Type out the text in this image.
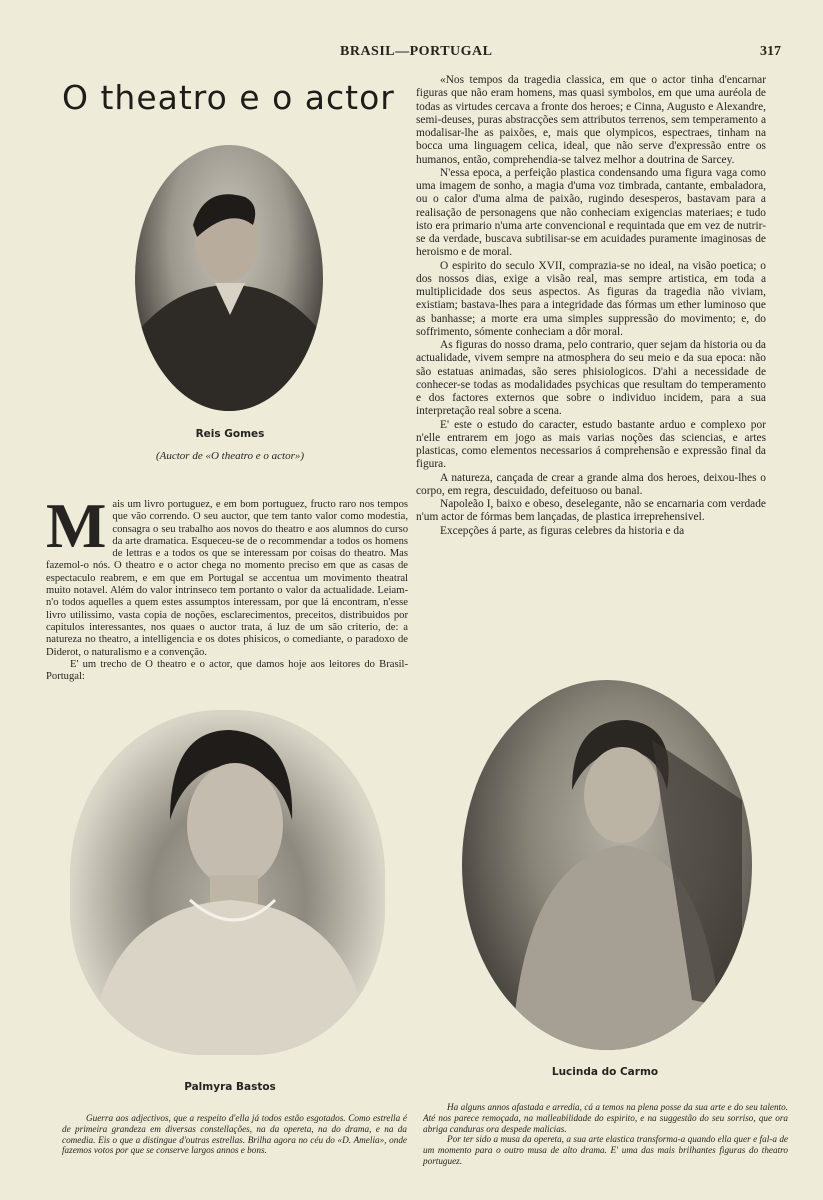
BRASIL—PORTUGAL	317
O theatro e o actor
Reis Gomes
(Auctor de «O theatro e o actor»)

Mais um livro portuguez, e em bom portuguez, fructo raro nos tempos que vão correndo. O seu auctor, que tem tanto valor como modestia, consagra o seu trabalho aos novos do theatro e aos alumnos do curso da arte dramatica. Esqueceu-se de o recommendar a todos os homens de lettras e a todos os que se interessam por coisas do theatro. Mas fazemol-o nós. O theatro e o actor chega no momento preciso em que as casas de espectaculo reabrem, e em que em Portugal se accentua um movimento theatral muito notavel. Além do valor intrinseco tem portanto o valor da actualidade. Leiam-n'o todos aquelles a quem estes assumptos interessam, por que lá encontram, n'esse livro utilissimo, vasta copia de noções, esclarecimentos, preceitos, distribuidos por capitulos interessantes, nos quaes o auctor trata, á luz de um são criterio, de: a natureza no theatro, a intelligencia e os dotes phisicos, o comediante, o paradoxo de Diderot, o naturalismo e a convenção.

E' um trecho de O theatro e o actor, que damos hoje aos leitores do Brasil-Portugal:

«Nos tempos da tragedia classica, em que o actor tinha d'encarnar figuras que não eram homens, mas quasi symbolos, em que uma auréola de todas as virtudes cercava a fronte dos heroes; e Cinna, Augusto e Alexandre, semi-deuses, puras abstracções sem attributos terrenos, sem temperamento a modalisar-lhe as paixões, e, mais que olympicos, espectraes, tinham na bocca uma linguagem celica, ideal, que não serve d'expressão entre os humanos, então, comprehendia-se talvez melhor a doutrina de Sarcey.

N'essa epoca, a perfeição plastica condensando uma figura vaga como uma imagem de sonho, a magia d'uma voz timbrada, cantante, embaladora, ou o calor d'uma alma de paixão, rugindo desesperos, bastavam para a realisação de personagens que não conheciam exigencias materiaes; e tudo isto era primario n'uma arte convencional e requintada que em vez de nutrir-se da verdade, buscava subtilisar-se em acuidades puramente imaginosas de heroismo e de moral.

O espirito do seculo XVII, comprazia-se no ideal, na visão poetica; o dos nossos dias, exige a visão real, mas sempre artistica, em toda a multiplicidade dos seus aspectos. As figuras da tragedia não viviam, existiam; bastava-lhes para a integridade das fórmas um ether luminoso que as banhasse; a morte era uma simples suppressão do movimento; e, do soffrimento, sómente conheciam a dôr moral.

As figuras do nosso drama, pelo contrario, quer sejam da historia ou da actualidade, vivem sempre na atmosphera do seu meio e da sua epoca: não são estatuas animadas, são seres phisiologicos. D'ahi a necessidade de conhecer-se todas as modalidades psychicas que resultam do temperamento e dos factores externos que sobre o individuo incidem, para a sua interpretação real sobre a scena.

E' este o estudo do caracter, estudo bastante arduo e complexo por n'elle entrarem em jogo as mais varias noções das sciencias, e artes plasticas, como elementos necessarios á comprehensão e expressão final da figura.

A natureza, cançada de crear a grande alma dos heroes, deixou-lhes o corpo, em regra, descuidado, defeituoso ou banal.

Napoleão I, baixo e obeso, deselegante, não se encarnaria com verdade n'um actor de fórmas bem lançadas, de plastica irreprehensivel.

Excepções á parte, as figuras celebres da historia e da

Palmyra Bastos

Guerra aos adjectivos, que a respeito d'ella já todos estão esgotados. Como estrella é de primeira grandeza em diversas constellações, na da opereta, na do drama, e na da comedia. Eis o que a distingue d'outras estrellas. Brilha agora no céu do «D. Amelia», onde fazemos votos por que se conserve largos annos e bons.

Lucinda do Carmo

Ha alguns annos afastada e arredia, cá a temos na plena posse da sua arte e do seu talento. Até nos parece remoçada, na malleabilidade do espirito, e na suggestão do seu sorriso, que ora abriga canduras ora despede malicias.

Por ter sido a musa da opereta, a sua arte elastica transforma-a quando ella quer e fal-a de um momento para o outro musa de alto drama. E' uma das mais brilhantes figuras do theatro portuguez.
